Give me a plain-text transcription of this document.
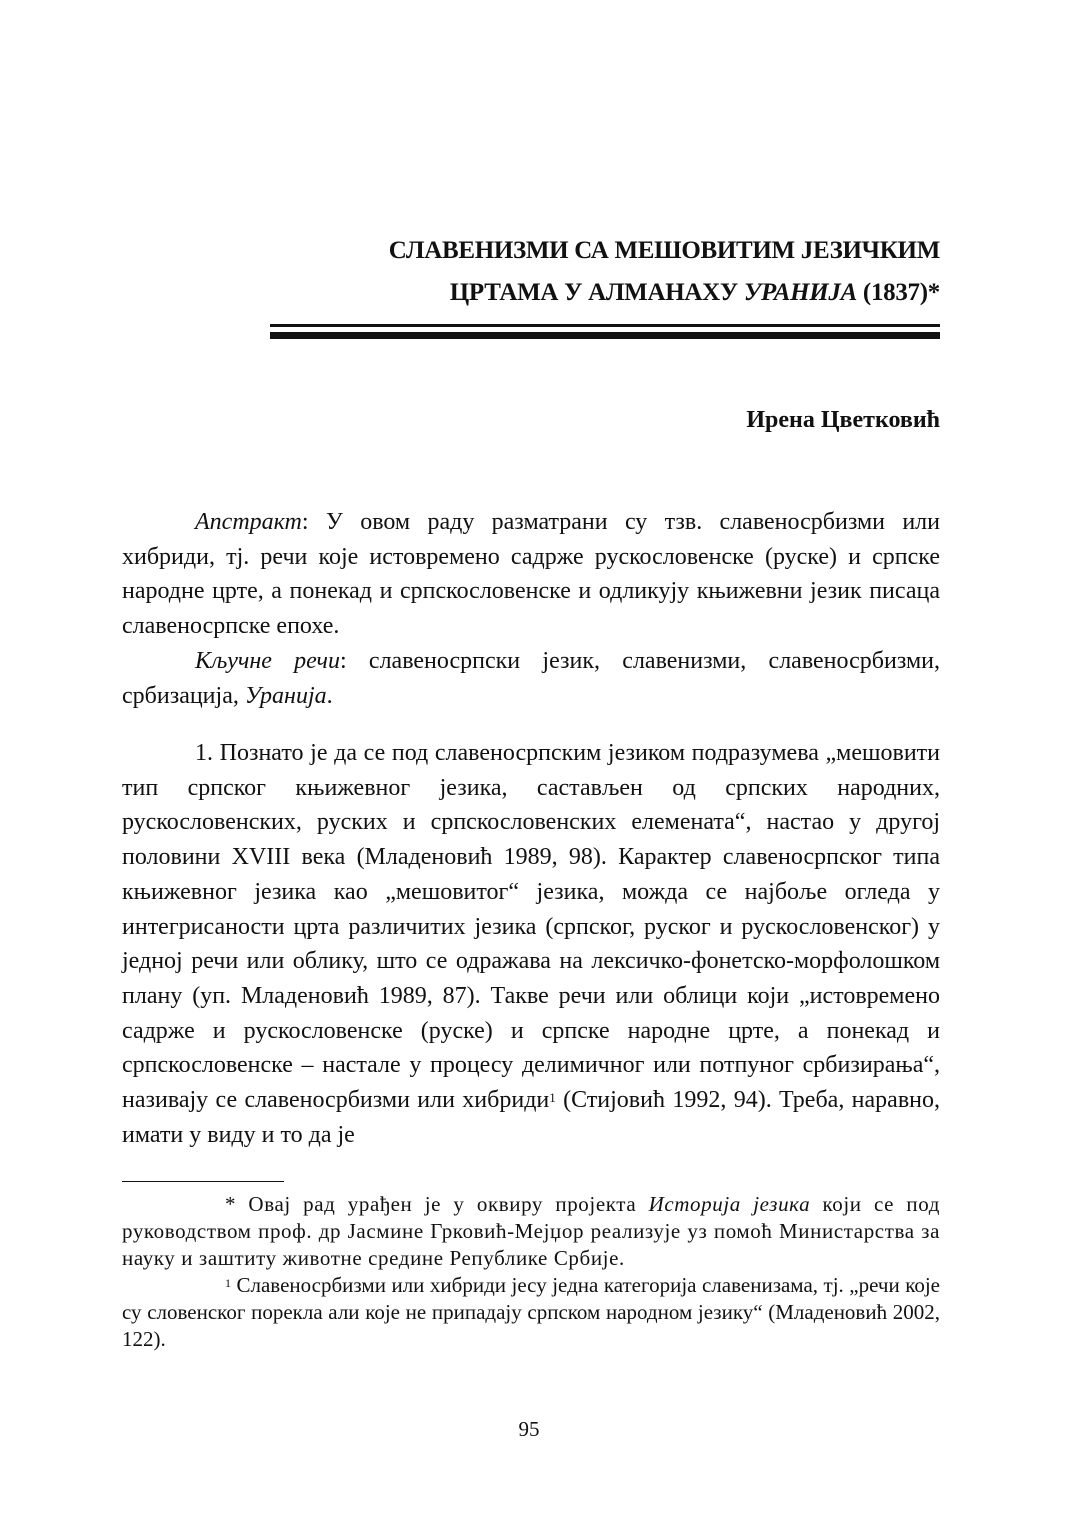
СЛАВЕНИЗМИ СА МЕШОВИТИМ ЈЕЗИЧКИМ
ЦРТАМА У АЛМАНАХУ УРАНИЈА (1837)*
Ирена Цветковић

Апстракт: У овом раду разматрани су тзв. славеносрбизми или хибриди, тј. речи које истовремено садрже рускословенске (руске) и српске народне црте, а понекад и српскословенске и одликују књижевни језик писаца славеносрпске епохе.

Кључне речи: славеносрпски језик, славенизми, славеносрбизми, србизација, Уранија.

1. Познато је да се под славеносрпским језиком подразумева „мешовити тип српског књижевног језика, састављен од српских народних, рускословенских, руских и српскословенских елемената“, настао у другој половини XVIII века (Младеновић 1989, 98). Карактер славеносрпског типа књижевног језика као „мешовитог“ језика, можда се најбоље огледа у интегрисаности црта различитих језика (српског, руског и рускословенског) у једној речи или облику, што се одражава на лексичко-фонетско-морфолошком плану (уп. Младеновић 1989, 87). Такве речи или облици који „истовремено садрже и рускословенске (руске) и српске народне црте, а понекад и српскословенске – настале у процесу делимичног или потпуног србизирања“, називају се славеносрбизми или хибриди$^1$ (Стијовић 1992, 94). Треба, наравно, имати у виду и то да је

* Овај рад урађен је у оквиру пројекта Историја језика који се под руководством проф. др Јасмине Грковић-Мејџор реализује уз помоћ Министарства за науку и заштиту животне средине Републике Србије.

$^1$ Славеносрбизми или хибриди јесу једна категорија славенизама, тј. „речи које су словенског порекла али које не припадају српском народном језику“ (Младеновић 2002, 122).

95
